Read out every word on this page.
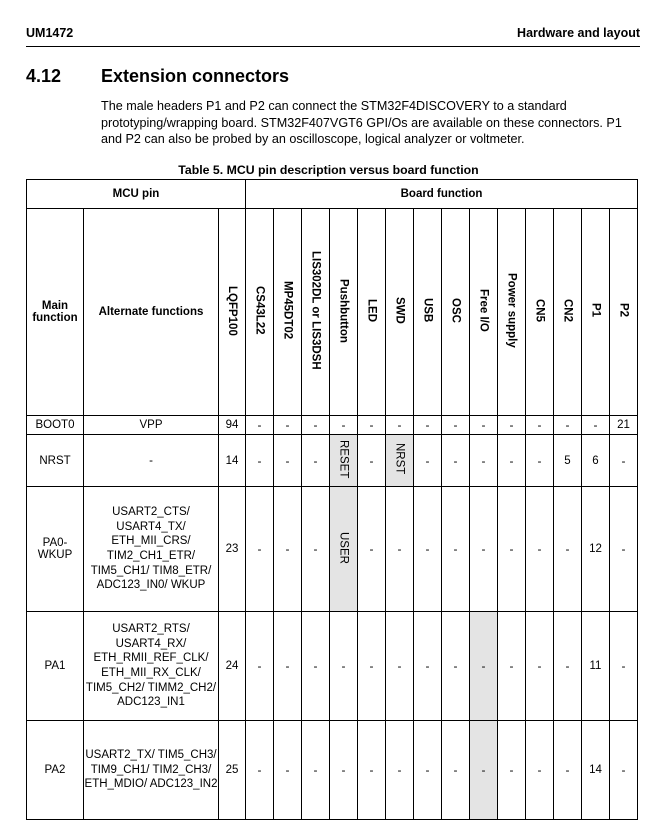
UM1472	Hardware and layout
4.12 Extension connectors
The male headers P1 and P2 can connect the STM32F4DISCOVERY to a standard prototyping/wrapping board. STM32F407VGT6 GPI/Os are available on these connectors. P1 and P2 can also be probed by an oscilloscope, logical analyzer or voltmeter.
Table 5. MCU pin description versus board function
MCU pin			Board function													
Main function	Alternate functions	LQFP100	CS43L22	MP45DT02	LIS302DL or LIS3DSH	Pushbutton	LED	SWD	USB	OSC	Free I/O	Power supply	CN5	CN2	P1	P2
BOOT0	VPP	94	-	-	-	-	-	-	-	-	-	-	-	-	-	21
NRST	-	14	-	-	-	RESET	-	NRST	-	-	-	-	-	5	6	-
PA0-WKUP	USART2_CTS/ USART4_TX/ ETH_MII_CRS/ TIM2_CH1_ETR/ TIM5_CH1/ TIM8_ETR/ ADC123_IN0/ WKUP	23	-	-	-	USER	-	-	-	-	-	-	-	-	12	-
PA1	USART2_RTS/ USART4_RX/ ETH_RMII_REF_CLK/ ETH_MII_RX_CLK/ TIM5_CH2/ TIMM2_CH2/ ADC123_IN1	24	-	-	-	-	-	-	-	-	-	-	-	-	11	-
PA2	USART2_TX/ TIM5_CH3/ TIM9_CH1/ TIM2_CH3/ ETH_MDIO/ ADC123_IN2	25	-	-	-	-	-	-	-	-	-	-	-	-	14	-
